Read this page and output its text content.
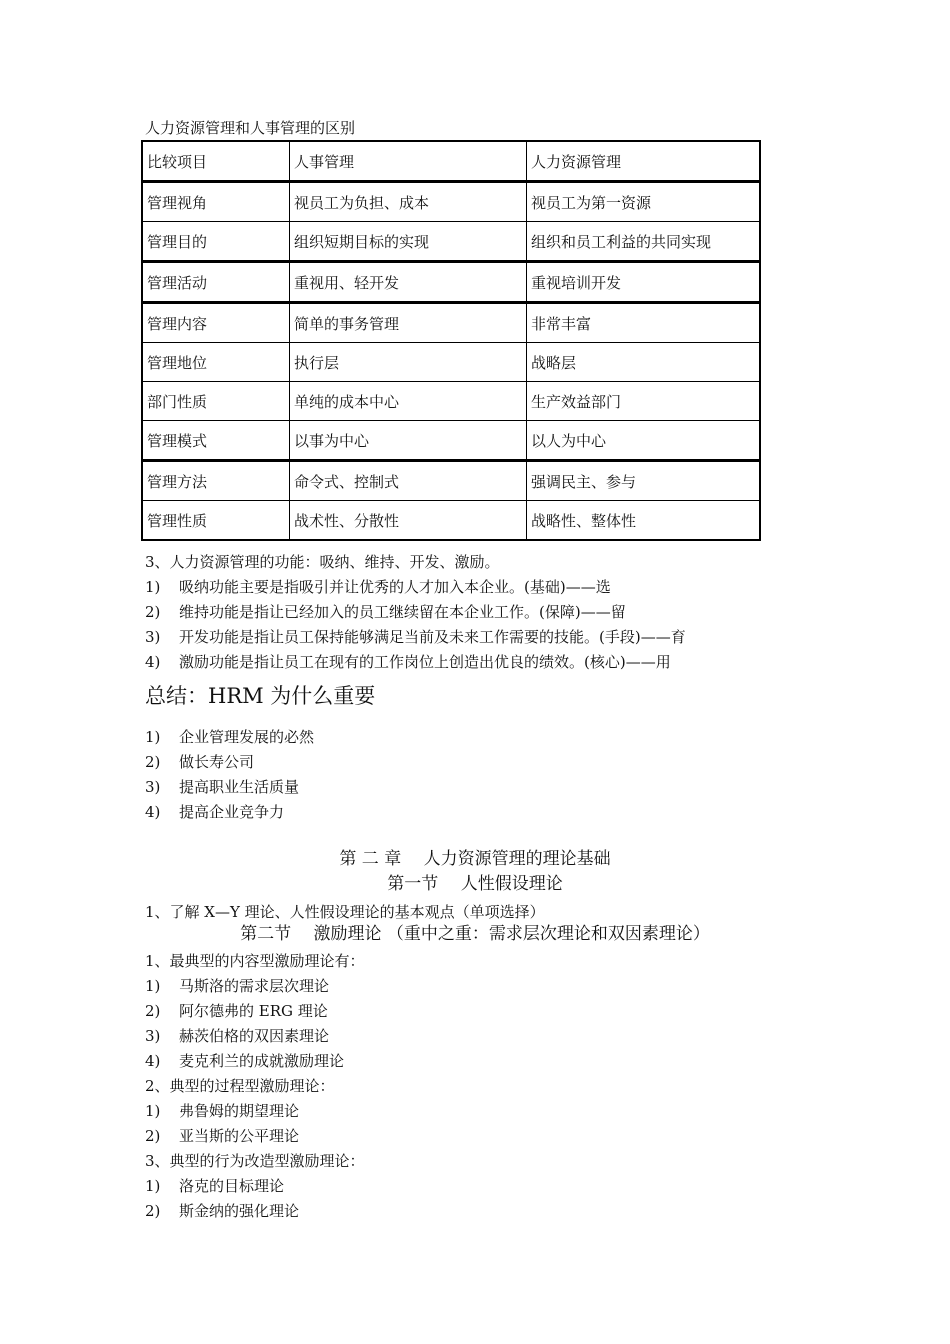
人力资源管理和人事管理的区别
比较项目	人事管理	人力资源管理
管理视角	视员工为负担、成本	视员工为第一资源
管理目的	组织短期目标的实现	组织和员工利益的共同实现
管理活动	重视用、轻开发	重视培训开发
管理内容	简单的事务管理	非常丰富
管理地位	执行层	战略层
部门性质	单纯的成本中心	生产效益部门
管理模式	以事为中心	以人为中心
管理方法	命令式、控制式	强调民主、参与
管理性质	战术性、分散性	战略性、整体性
3、人力资源管理的功能：吸纳、维持、开发、激励。
1) 吸纳功能主要是指吸引并让优秀的人才加入本企业。(基础)——选
2) 维持功能是指让已经加入的员工继续留在本企业工作。(保障)——留
3) 开发功能是指让员工保持能够满足当前及未来工作需要的技能。(手段)——育
4) 激励功能是指让员工在现有的工作岗位上创造出优良的绩效。(核心)——用
总结：HRM 为什么重要
1) 企业管理发展的必然
2) 做长寿公司
3) 提高职业生活质量
4) 提高企业竞争力
第 二 章　 人力资源管理的理论基础
第一节　 人性假设理论
1、了解 X—Y 理论、人性假设理论的基本观点（单项选择）
第二节　 激励理论 （重中之重：需求层次理论和双因素理论）
1、最典型的内容型激励理论有：
1) 马斯洛的需求层次理论
2) 阿尔德弗的 ERG 理论
3) 赫茨伯格的双因素理论
4) 麦克利兰的成就激励理论
2、典型的过程型激励理论：
1) 弗鲁姆的期望理论
2) 亚当斯的公平理论
3、典型的行为改造型激励理论：
1) 洛克的目标理论
2) 斯金纳的强化理论
